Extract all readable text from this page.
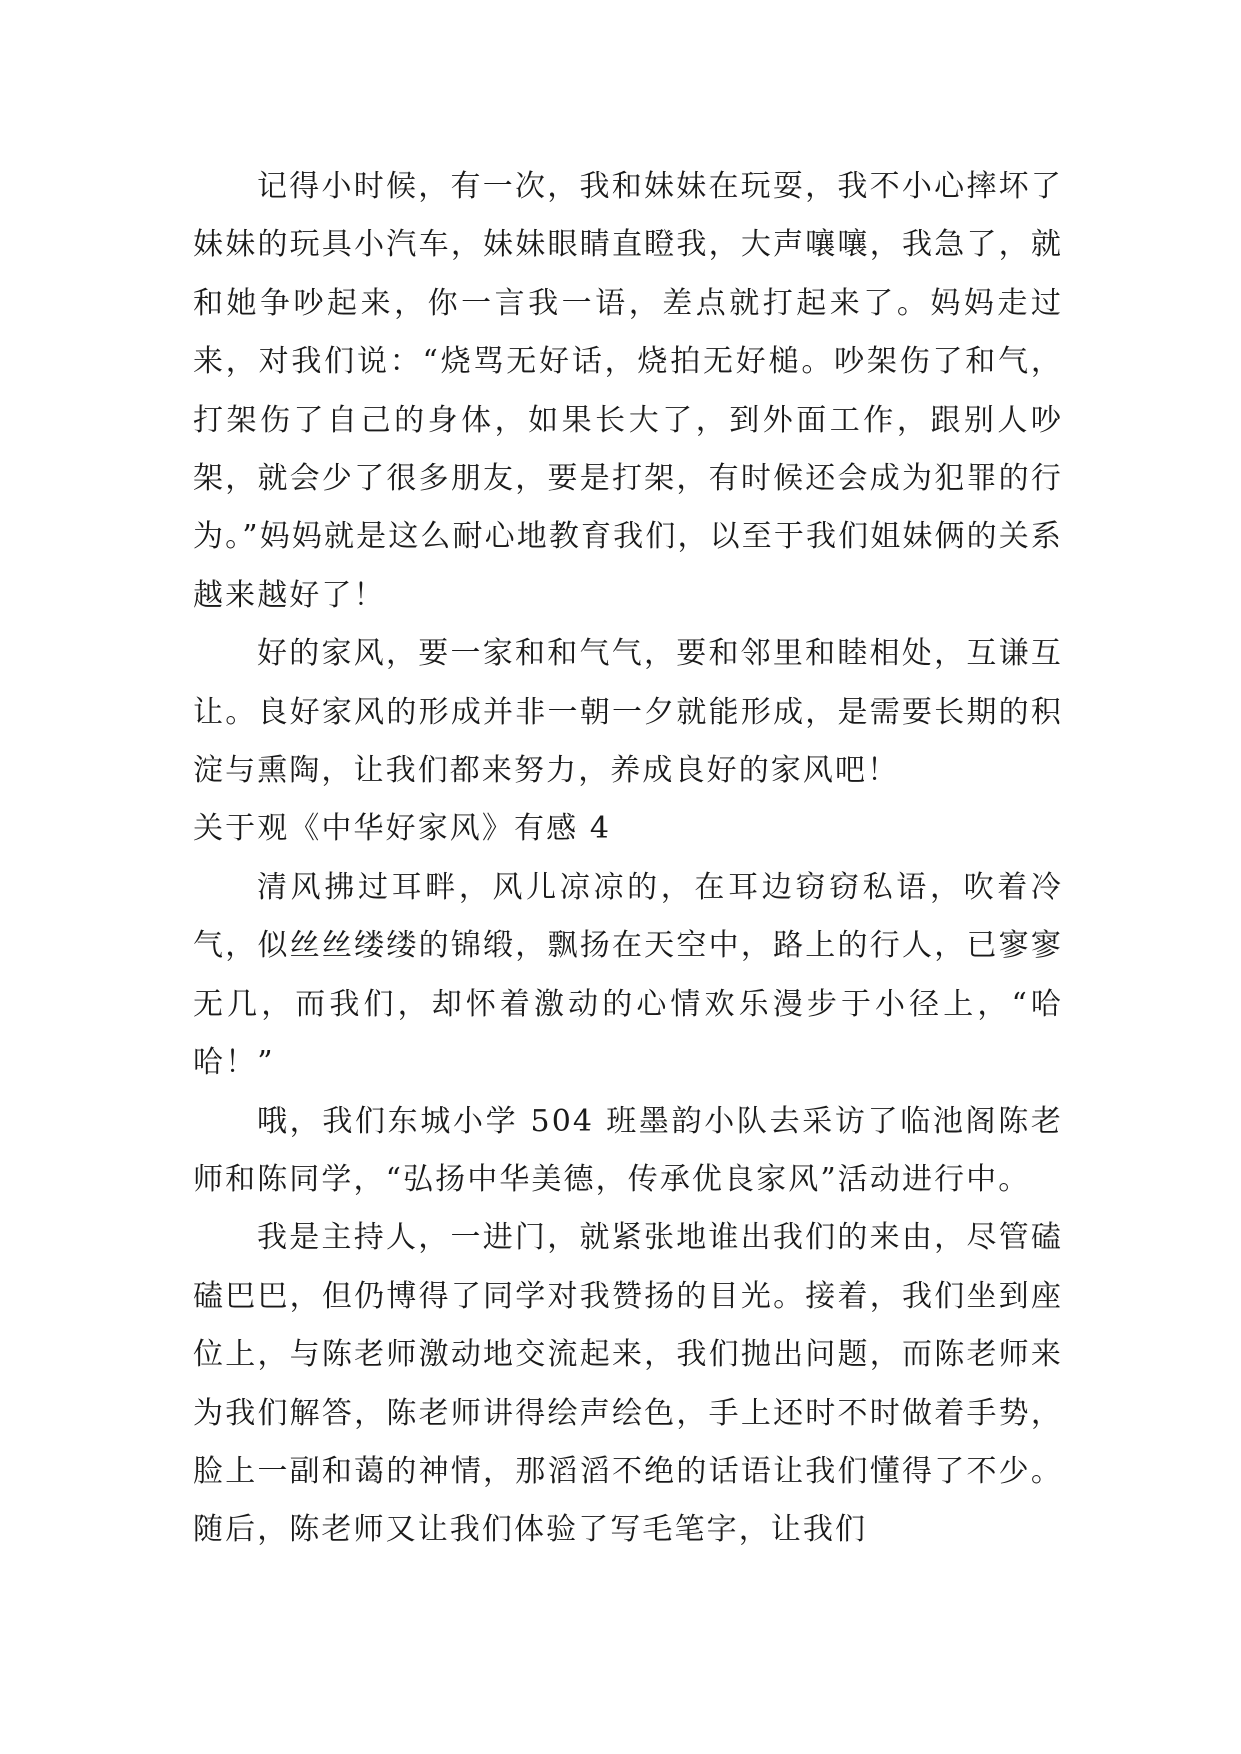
记得小时候，有一次，我和妹妹在玩耍，我不小心摔坏了妹妹的玩具小汽车，妹妹眼睛直瞪我，大声嚷嚷，我急了，就和她争吵起来，你一言我一语，差点就打起来了。妈妈走过来，对我们说：“烧骂无好话，烧拍无好槌。吵架伤了和气，打架伤了自己的身体，如果长大了，到外面工作，跟别人吵架，就会少了很多朋友，要是打架，有时候还会成为犯罪的行为。”妈妈就是这么耐心地教育我们，以至于我们姐妹俩的关系越来越好了！

好的家风，要一家和和气气，要和邻里和睦相处，互谦互让。良好家风的形成并非一朝一夕就能形成，是需要长期的积淀与熏陶，让我们都来努力，养成良好的家风吧！

关于观《中华好家风》有感 4

清风拂过耳畔，风儿凉凉的，在耳边窃窃私语，吹着冷气，似丝丝缕缕的锦缎，飘扬在天空中，路上的行人，已寥寥无几，而我们，却怀着激动的心情欢乐漫步于小径上，“哈哈！”

哦，我们东城小学 504 班墨韵小队去采访了临池阁陈老师和陈同学，“弘扬中华美德，传承优良家风”活动进行中。

我是主持人，一进门，就紧张地谁出我们的来由，尽管磕磕巴巴，但仍博得了同学对我赞扬的目光。接着，我们坐到座位上，与陈老师激动地交流起来，我们抛出问题，而陈老师来为我们解答，陈老师讲得绘声绘色，手上还时不时做着手势，脸上一副和蔼的神情，那滔滔不绝的话语让我们懂得了不少。随后，陈老师又让我们体验了写毛笔字，让我们
